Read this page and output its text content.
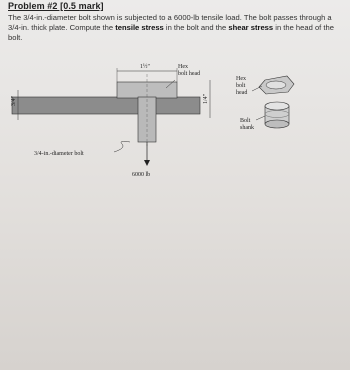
Problem #2 [0.5 mark]
The 3/4-in.-diameter bolt shown is subjected to a 6000-lb tensile load. The bolt passes through a 3/4-in. thick plate. Compute the tensile stress in the bolt and the shear stress in the head of the bolt.
1½"	Hex
bolt head
3/4"	1/4"
3/4-in.-diameter bolt
6000 lb
Hex
bolt
head
Bolt
shank
